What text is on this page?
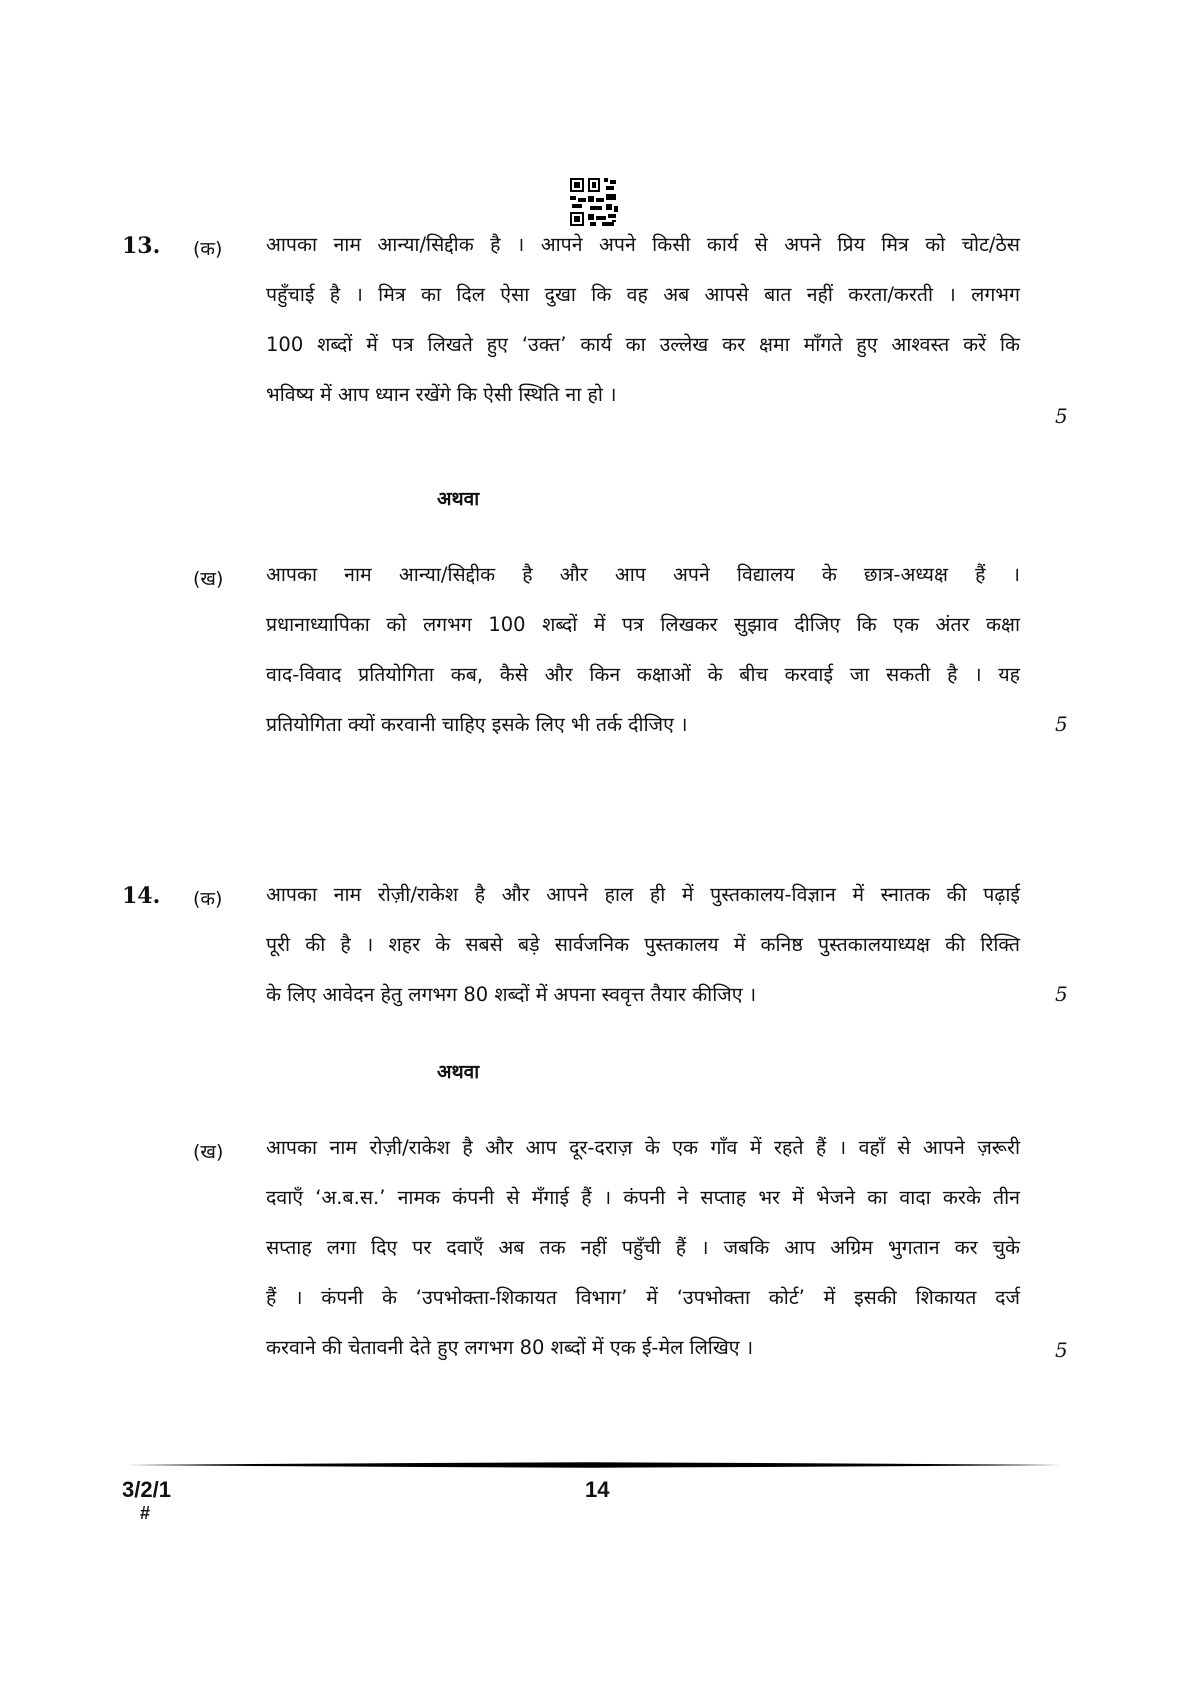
13. (क) आपका नाम आन्या/सिद्दीक है । आपने अपने किसी कार्य से अपने प्रिय मित्र को चोट/ठेस
पहुँचाई है । मित्र का दिल ऐसा दुखा कि वह अब आपसे बात नहीं करता/करती । लगभग
100 शब्दों में पत्र लिखते हुए ‘उक्त’ कार्य का उल्लेख कर क्षमा माँगते हुए आश्वस्त करें कि
भविष्य में आप ध्यान रखेंगे कि ऐसी स्थिति ना हो ।
5
अथवा
(ख) आपका नाम आन्या/सिद्दीक है और आप अपने विद्यालय के छात्र-अध्यक्ष हैं ।
प्रधानाध्यापिका को लगभग 100 शब्दों में पत्र लिखकर सुझाव दीजिए कि एक अंतर कक्षा
वाद-विवाद प्रतियोगिता कब, कैसे और किन कक्षाओं के बीच करवाई जा सकती है । यह
प्रतियोगिता क्यों करवानी चाहिए इसके लिए भी तर्क दीजिए ।	5
14. (क) आपका नाम रोज़ी/राकेश है और आपने हाल ही में पुस्तकालय-विज्ञान में स्नातक की पढ़ाई
पूरी की है । शहर के सबसे बड़े सार्वजनिक पुस्तकालय में कनिष्ठ पुस्तकालयाध्यक्ष की रिक्ति
के लिए आवेदन हेतु लगभग 80 शब्दों में अपना स्ववृत्त तैयार कीजिए ।	5
अथवा
(ख) आपका नाम रोज़ी/राकेश है और आप दूर-दराज़ के एक गाँव में रहते हैं । वहाँ से आपने ज़रूरी
दवाएँ ‘अ.ब.स.’ नामक कंपनी से मँगाई हैं । कंपनी ने सप्ताह भर में भेजने का वादा करके तीन
सप्ताह लगा दिए पर दवाएँ अब तक नहीं पहुँची हैं । जबकि आप अग्रिम भुगतान कर चुके
हैं । कंपनी के ‘उपभोक्ता-शिकायत विभाग’ में ‘उपभोक्ता कोर्ट’ में इसकी शिकायत दर्ज
करवाने की चेतावनी देते हुए लगभग 80 शब्दों में एक ई-मेल लिखिए ।	5
3/2/1
#
14
